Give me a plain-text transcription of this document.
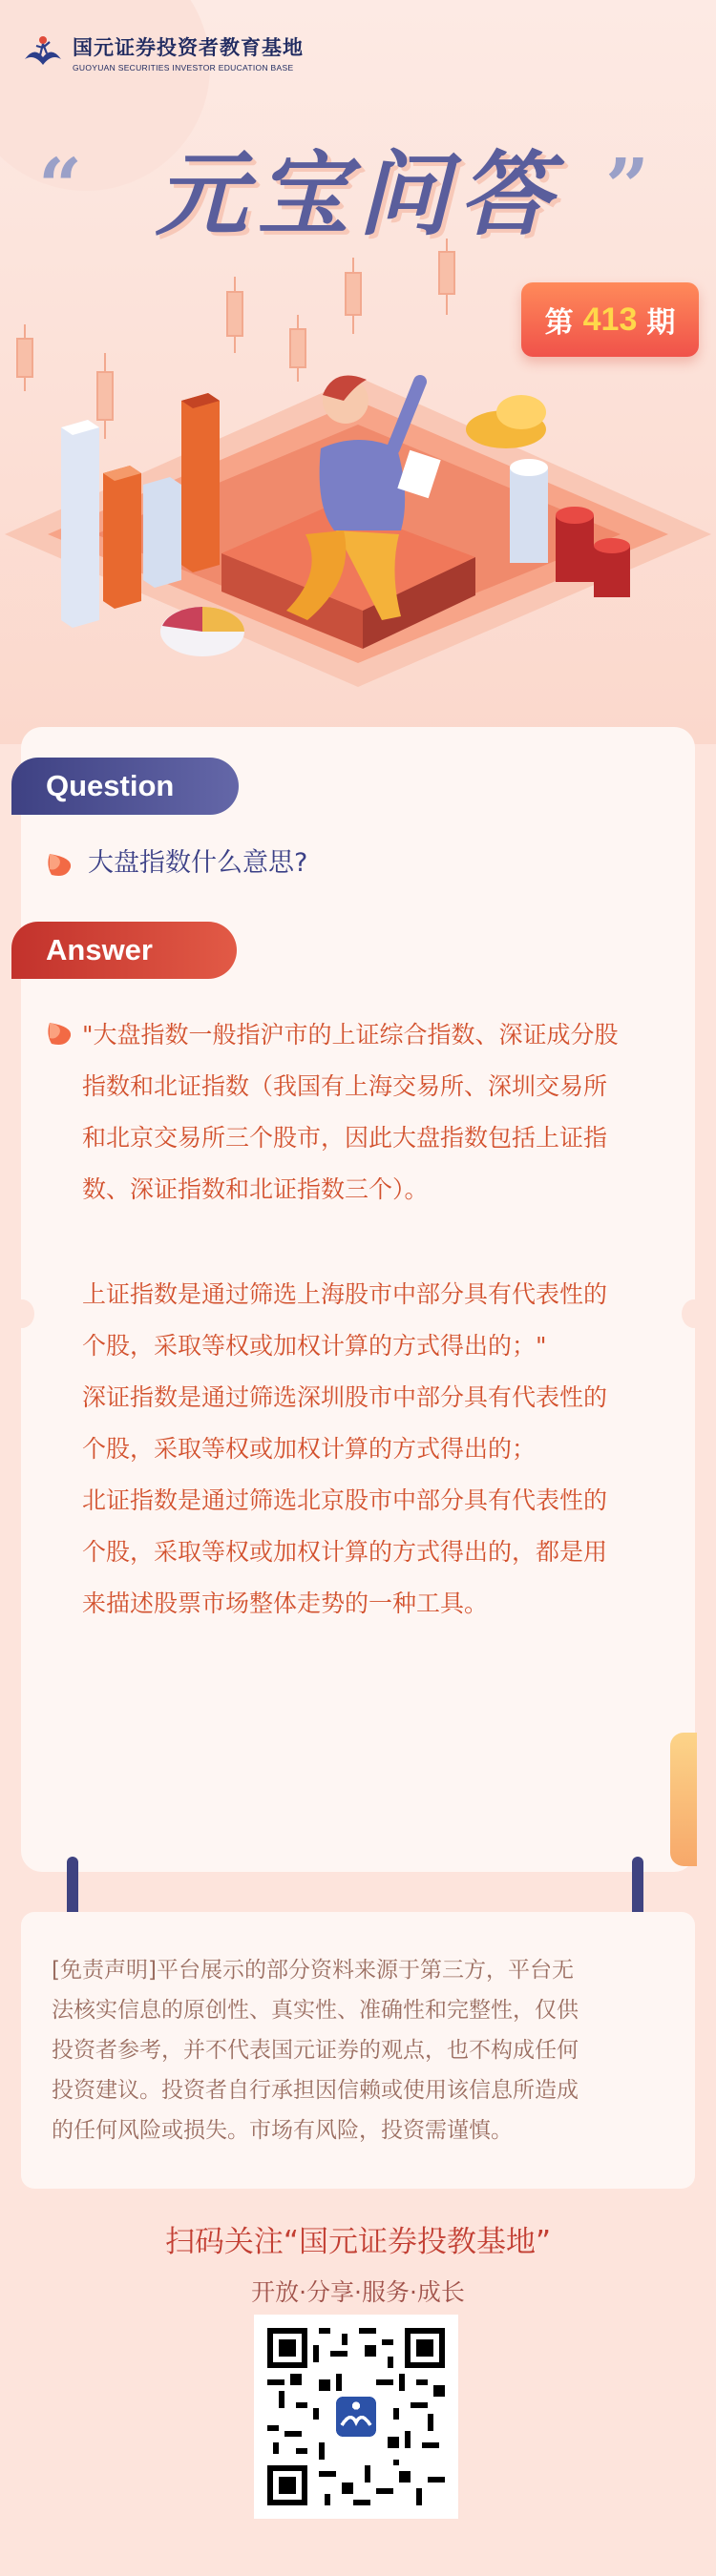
国元证券投资者教育基地
GUOYUAN SECURITIES INVESTOR EDUCATION BASE
“	”
元宝问答
第 413 期
Question
大盘指数什么意思?
Answer
"大盘指数一般指沪市的上证综合指数、深证成分股
指数和北证指数（我国有上海交易所、深圳交易所
和北京交易所三个股市，因此大盘指数包括上证指
数、深证指数和北证指数三个）。
上证指数是通过筛选上海股市中部分具有代表性的
个股，采取等权或加权计算的方式得出的；"
深证指数是通过筛选深圳股市中部分具有代表性的
个股，采取等权或加权计算的方式得出的；
北证指数是通过筛选北京股市中部分具有代表性的
个股，采取等权或加权计算的方式得出的，都是用
来描述股票市场整体走势的一种工具。
[免责声明]平台展示的部分资料来源于第三方，平台无
法核实信息的原创性、真实性、准确性和完整性，仅供
投资者参考，并不代表国元证券的观点，也不构成任何
投资建议。投资者自行承担因信赖或使用该信息所造成
的任何风险或损失。市场有风险，投资需谨慎。
扫码关注“国元证券投教基地”
开放·分享·服务·成长
